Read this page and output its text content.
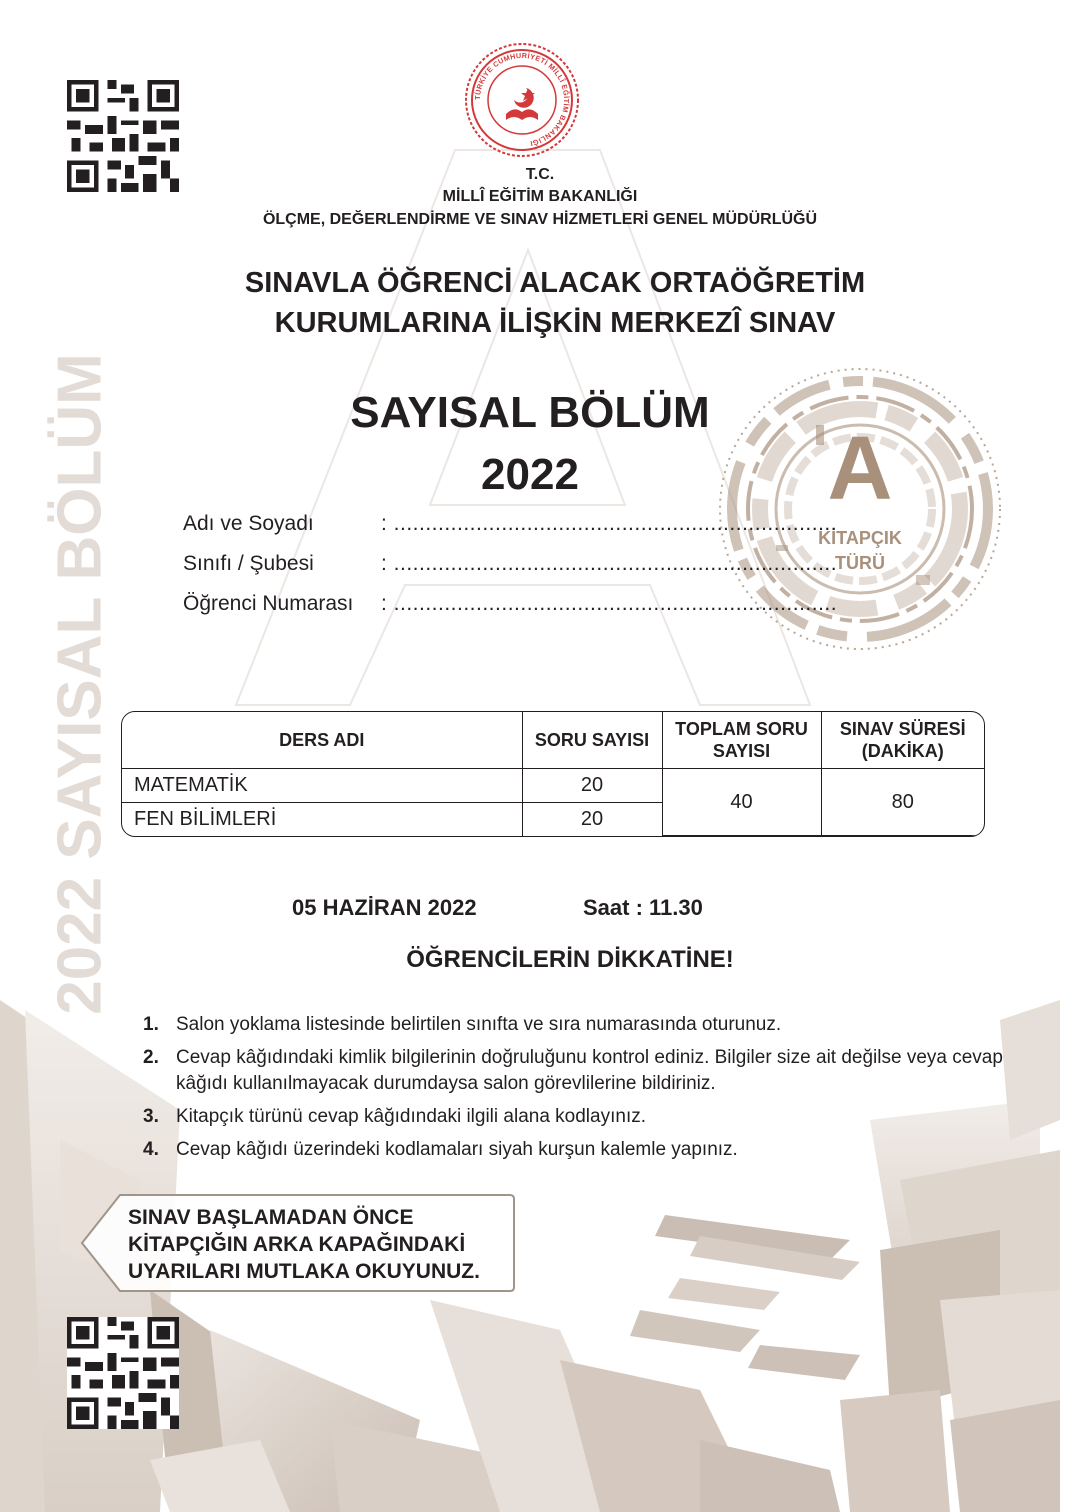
2022 SAYISAL BÖLÜM
TÜRKİYE CUMHURİYETİ MİLLÎ EĞİTİM BAKANLIĞI
T.C.
MİLLÎ EĞİTİM BAKANLIĞI
ÖLÇME, DEĞERLENDİRME VE SINAV HİZMETLERİ GENEL MÜDÜRLÜĞÜ
SINAVLA ÖĞRENCİ ALACAK ORTAÖĞRETİM
KURUMLARINA İLİŞKİN MERKEZÎ SINAV
SAYISAL BÖLÜM
2022	A
KİTAPÇIK
TÜRÜ
Adı ve Soyadı	: ......................................................................
Sınıfı / Şubesi	: ......................................................................
Öğrenci Numarası : ......................................................................
DERS ADI	SORU SAYISI	TOPLAM SORU SAYISI	SINAV SÜRESİ (DAKİKA)
MATEMATİK	20	40	80
FEN BİLİMLERİ	20		
05 HAZİRAN 2022	Saat : 11.30
ÖĞRENCİLERİN DİKKATİNE!
1. Salon yoklama listesinde belirtilen sınıfta ve sıra numarasında oturunuz.
2. Cevap kâğıdındaki kimlik bilgilerinin doğruluğunu kontrol ediniz. Bilgiler size ait değilse veya cevap kâğıdı kullanılmayacak durumdaysa salon görevlilerine bildiriniz.
3. Kitapçık türünü cevap kâğıdındaki ilgili alana kodlayınız.
4. Cevap kâğıdı üzerindeki kodlamaları siyah kurşun kalemle yapınız.
SINAV BAŞLAMADAN ÖNCE
KİTAPÇIĞIN ARKA KAPAĞINDAKİ
UYARILARI MUTLAKA OKUYUNUZ.
